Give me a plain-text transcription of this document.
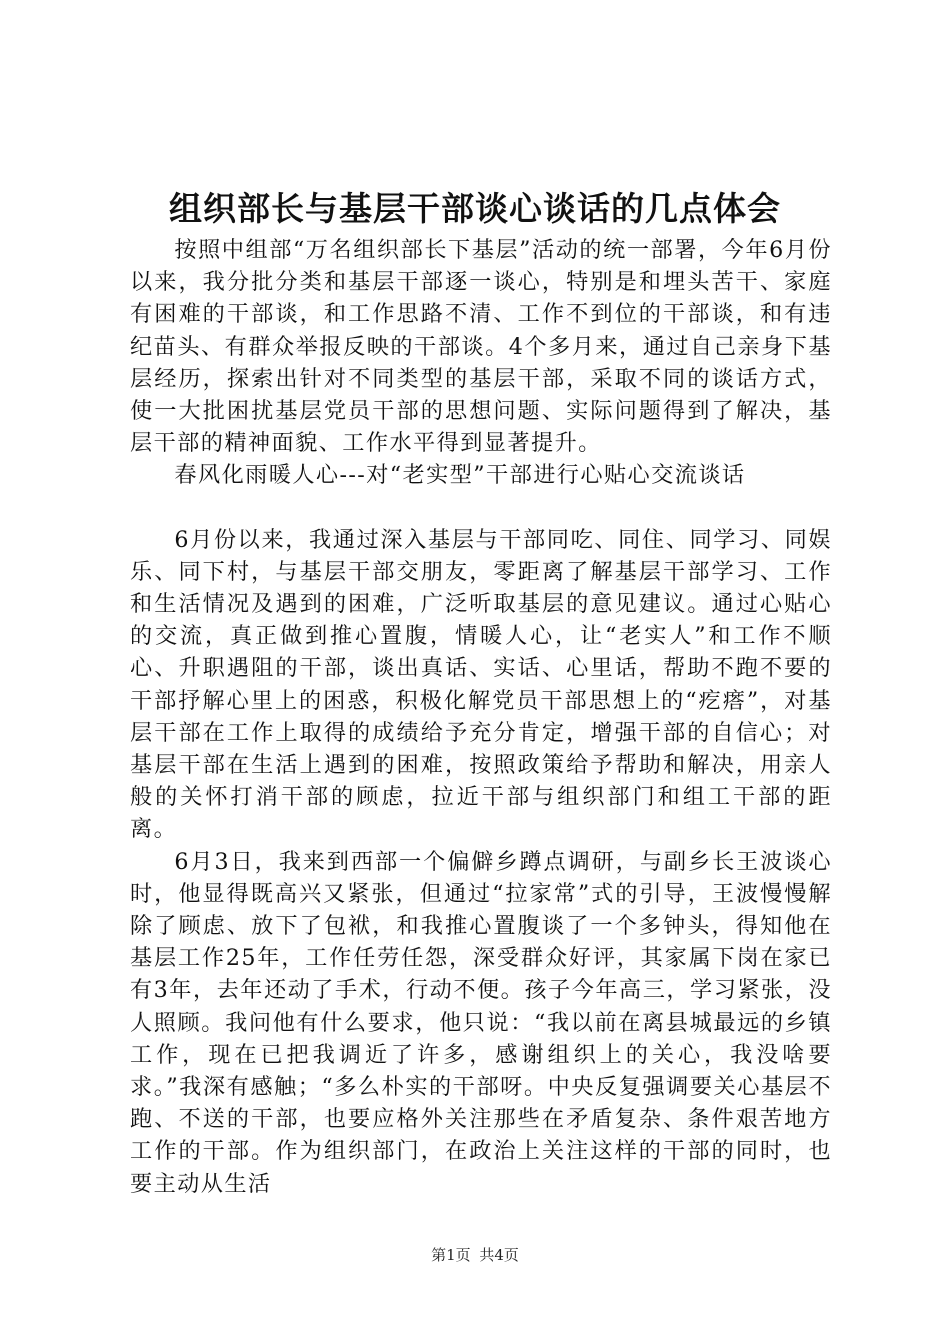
组织部长与基层干部谈心谈话的几点体会

按照中组部“万名组织部长下基层”活动的统一部署，今年6月份以来，我分批分类和基层干部逐一谈心，特别是和埋头苦干、家庭有困难的干部谈，和工作思路不清、工作不到位的干部谈，和有违纪苗头、有群众举报反映的干部谈。4个多月来，通过自己亲身下基层经历，探索出针对不同类型的基层干部，采取不同的谈话方式，使一大批困扰基层党员干部的思想问题、实际问题得到了解决，基层干部的精神面貌、工作水平得到显著提升。

春风化雨暖人心---对“老实型”干部进行心贴心交流谈话

6月份以来，我通过深入基层与干部同吃、同住、同学习、同娱乐、同下村，与基层干部交朋友，零距离了解基层干部学习、工作和生活情况及遇到的困难，广泛听取基层的意见建议。通过心贴心的交流，真正做到推心置腹，情暖人心，让“老实人”和工作不顺心、升职遇阻的干部，谈出真话、实话、心里话，帮助不跑不要的干部抒解心里上的困惑，积极化解党员干部思想上的“疙瘩”，对基层干部在工作上取得的成绩给予充分肯定，增强干部的自信心；对基层干部在生活上遇到的困难，按照政策给予帮助和解决，用亲人般的关怀打消干部的顾虑，拉近干部与组织部门和组工干部的距离。

6月3日，我来到西部一个偏僻乡蹲点调研，与副乡长王波谈心时，他显得既高兴又紧张，但通过“拉家常”式的引导，王波慢慢解除了顾虑、放下了包袱，和我推心置腹谈了一个多钟头，得知他在基层工作25年，工作任劳任怨，深受群众好评，其家属下岗在家已有3年，去年还动了手术，行动不便。孩子今年高三，学习紧张，没人照顾。我问他有什么要求，他只说：“我以前在离县城最远的乡镇工作，现在已把我调近了许多，感谢组织上的关心，我没啥要求。”我深有感触；“多么朴实的干部呀。中央反复强调要关心基层不跑、不送的干部，也要应格外关注那些在矛盾复杂、条件艰苦地方工作的干部。作为组织部门，在政治上关注这样的干部的同时，也要主动从生活

第1页 共4页
